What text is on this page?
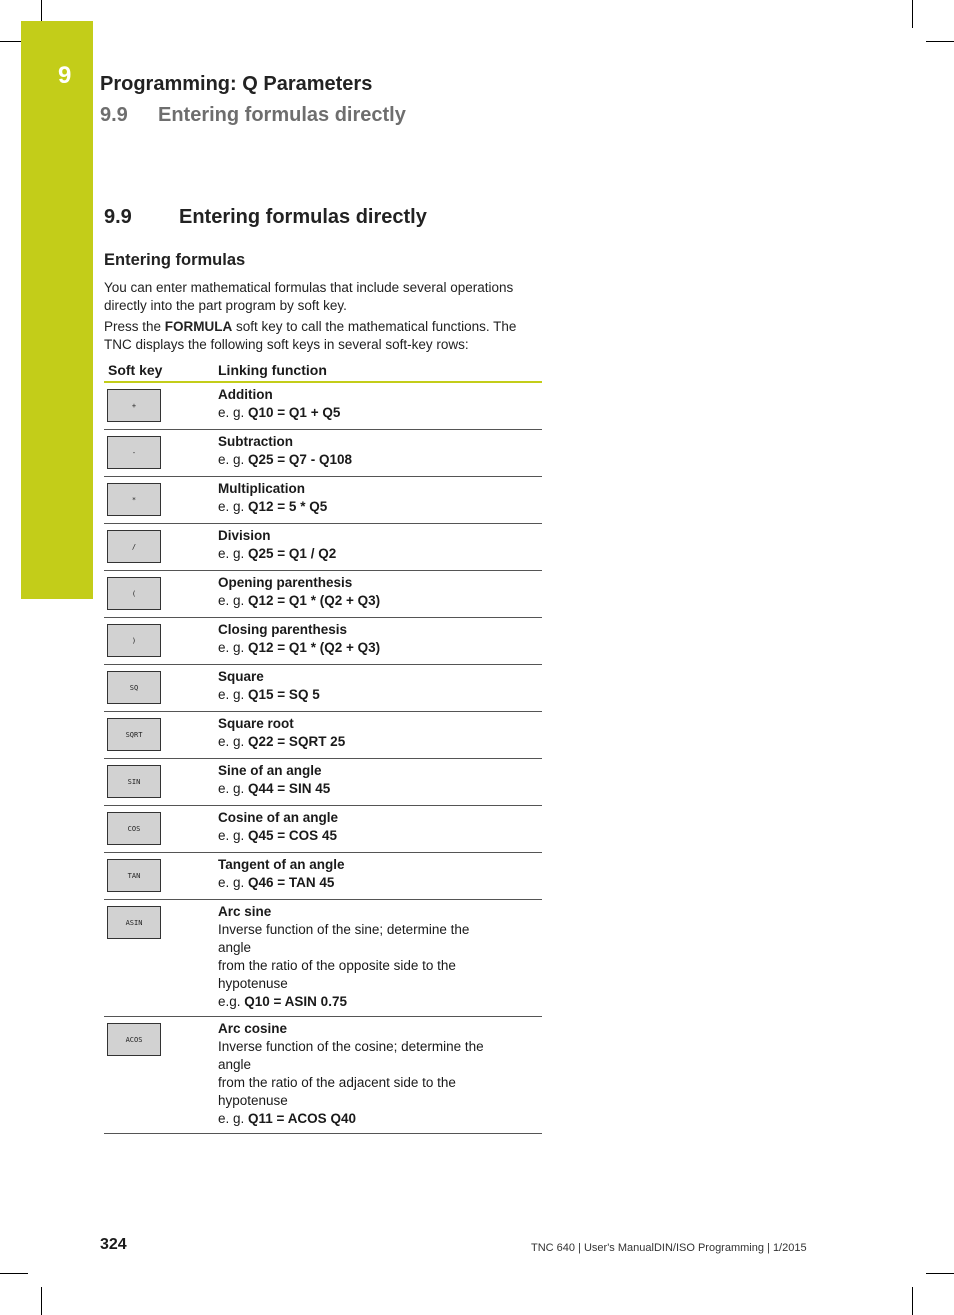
9 Programming: Q Parameters
9.9 Entering formulas directly
9.9 Entering formulas directly
Entering formulas
You can enter mathematical formulas that include several operations directly into the part program by soft key.
Press the FORMULA soft key to call the mathematical functions. The TNC displays the following soft keys in several soft-key rows:
Soft key	Linking function
+
Addition
e. g. Q10 = Q1 + Q5
-
Subtraction
e. g. Q25 = Q7 - Q108
*
Multiplication
e. g. Q12 = 5 * Q5
/
Division
e. g. Q25 = Q1 / Q2
(
Opening parenthesis
e. g. Q12 = Q1 * (Q2 + Q3)
)
Closing parenthesis
e. g. Q12 = Q1 * (Q2 + Q3)
SQ
Square
e. g. Q15 = SQ 5
SQRT
Square root
e. g. Q22 = SQRT 25
SIN
Sine of an angle
e. g. Q44 = SIN 45
COS
Cosine of an angle
e. g. Q45 = COS 45
TAN
Tangent of an angle
e. g. Q46 = TAN 45
ASIN
Arc sine
Inverse function of the sine; determine the
angle
from the ratio of the opposite side to the
hypotenuse
e.g. Q10 = ASIN 0.75
ACOS
Arc cosine
Inverse function of the cosine; determine the
angle
from the ratio of the adjacent side to the
hypotenuse
e. g. Q11 = ACOS Q40
324	TNC 640 | User's ManualDIN/ISO Programming | 1/2015
